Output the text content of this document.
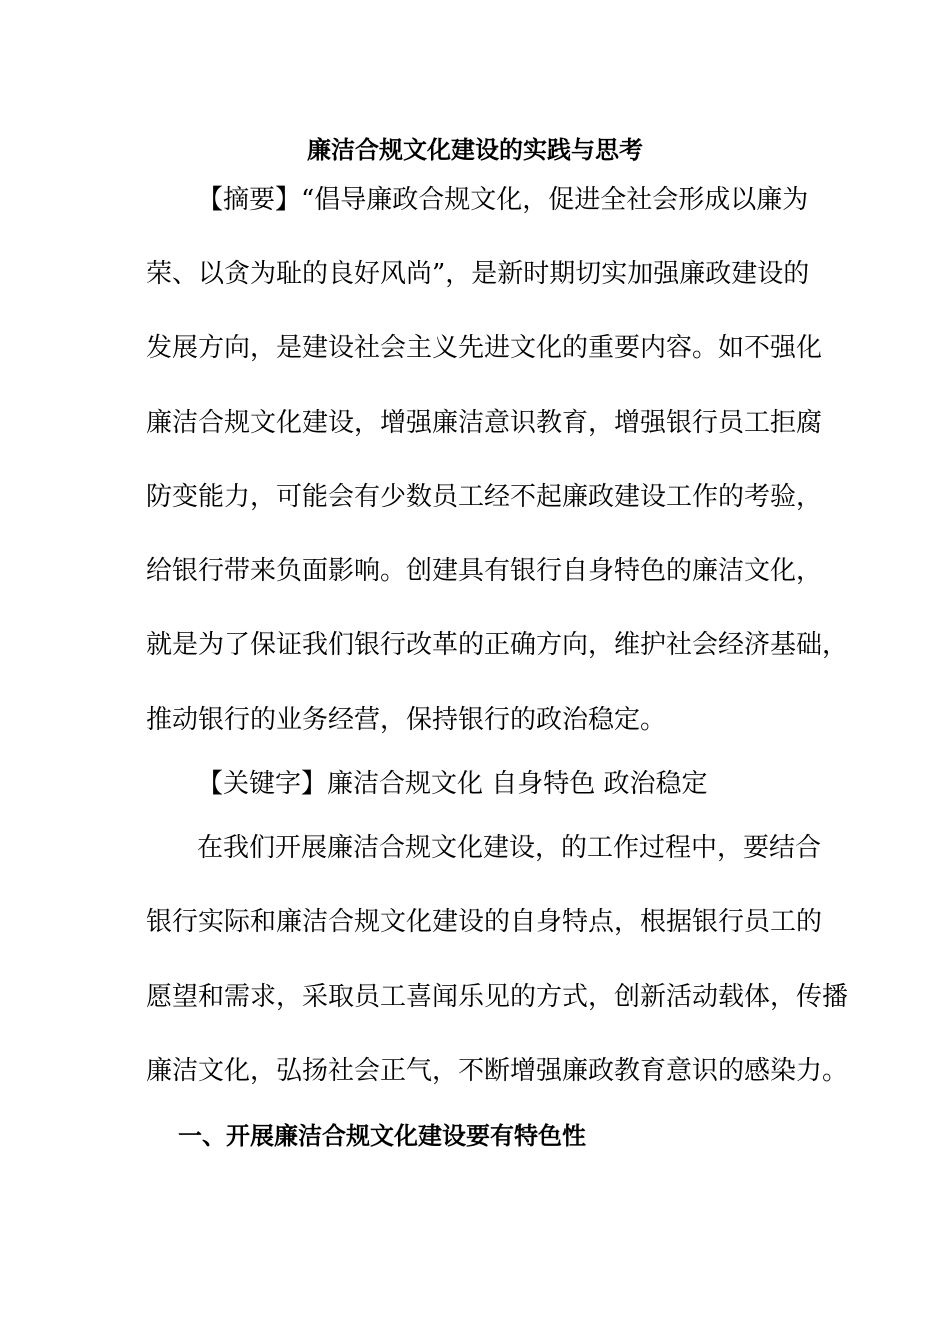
廉洁合规文化建设的实践与思考
【摘要】“倡导廉政合规文化，促进全社会形成以廉为
荣、以贪为耻的良好风尚”，是新时期切实加强廉政建设的
发展方向，是建设社会主义先进文化的重要内容。如不强化
廉洁合规文化建设，增强廉洁意识教育，增强银行员工拒腐
防变能力，可能会有少数员工经不起廉政建设工作的考验，
给银行带来负面影响。创建具有银行自身特色的廉洁文化，
就是为了保证我们银行改革的正确方向，维护社会经济基础，
推动银行的业务经营，保持银行的政治稳定。
【关键字】廉洁合规文化 自身特色 政治稳定
在我们开展廉洁合规文化建设，的工作过程中，要结合
银行实际和廉洁合规文化建设的自身特点，根据银行员工的
愿望和需求，采取员工喜闻乐见的方式，创新活动载体，传播
廉洁文化，弘扬社会正气，不断增强廉政教育意识的感染力。
一、开展廉洁合规文化建设要有特色性
